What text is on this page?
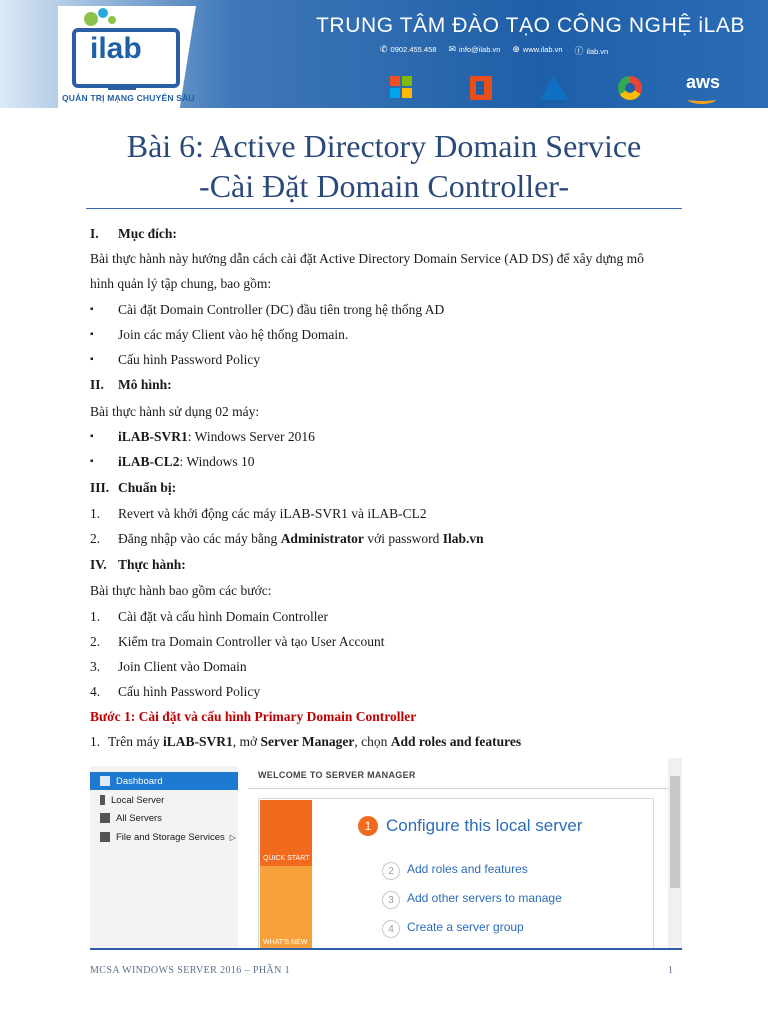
ilab
QUẢN TRỊ MẠNG CHUYÊN SÂU
TRUNG TÂM ĐÀO TẠO CÔNG NGHỆ iLAB
✆ 0902.455.458 ✉ info@ilab.vn ⊕ www.ilab.vn ⓕ ilab.vn
aws
Bài 6: Active Directory Domain Service
-Cài Đặt Domain Controller-
I. Mục đích:
Bài thực hành này hướng dẫn cách cài đặt Active Directory Domain Service (AD DS) để xây dựng mô
hình quản lý tập chung, bao gồm:
▪ Cài đặt Domain Controller (DC) đầu tiên trong hệ thống AD
▪ Join các máy Client vào hệ thống Domain.
▪ Cấu hình Password Policy
II. Mô hình:
Bài thực hành sử dụng 02 máy:
▪ iLAB-SVR1: Windows Server 2016
▪ iLAB-CL2: Windows 10
III. Chuẩn bị:
1. Revert và khởi động các máy iLAB-SVR1 và iLAB-CL2
2. Đăng nhập vào các máy bằng Administrator với password Ilab.vn
IV. Thực hành:
Bài thực hành bao gồm các bước:
1. Cài đặt và cấu hình Domain Controller
2. Kiểm tra Domain Controller và tạo User Account
3. Join Client vào Domain
4. Cấu hình Password Policy
Bước 1: Cài đặt và cấu hình Primary Domain Controller
1. Trên máy iLAB-SVR1, mở Server Manager, chọn Add roles and features
Dashboard
Local Server
All Servers
File and Storage Services ▷
WELCOME TO SERVER MANAGER
QUICK START
WHAT'S NEW
1 Configure this local server
2	Add roles and features
3	Add other servers to manage
4	Create a server group
MCSA WINDOWS SERVER 2016 – PHẦN 1	1
